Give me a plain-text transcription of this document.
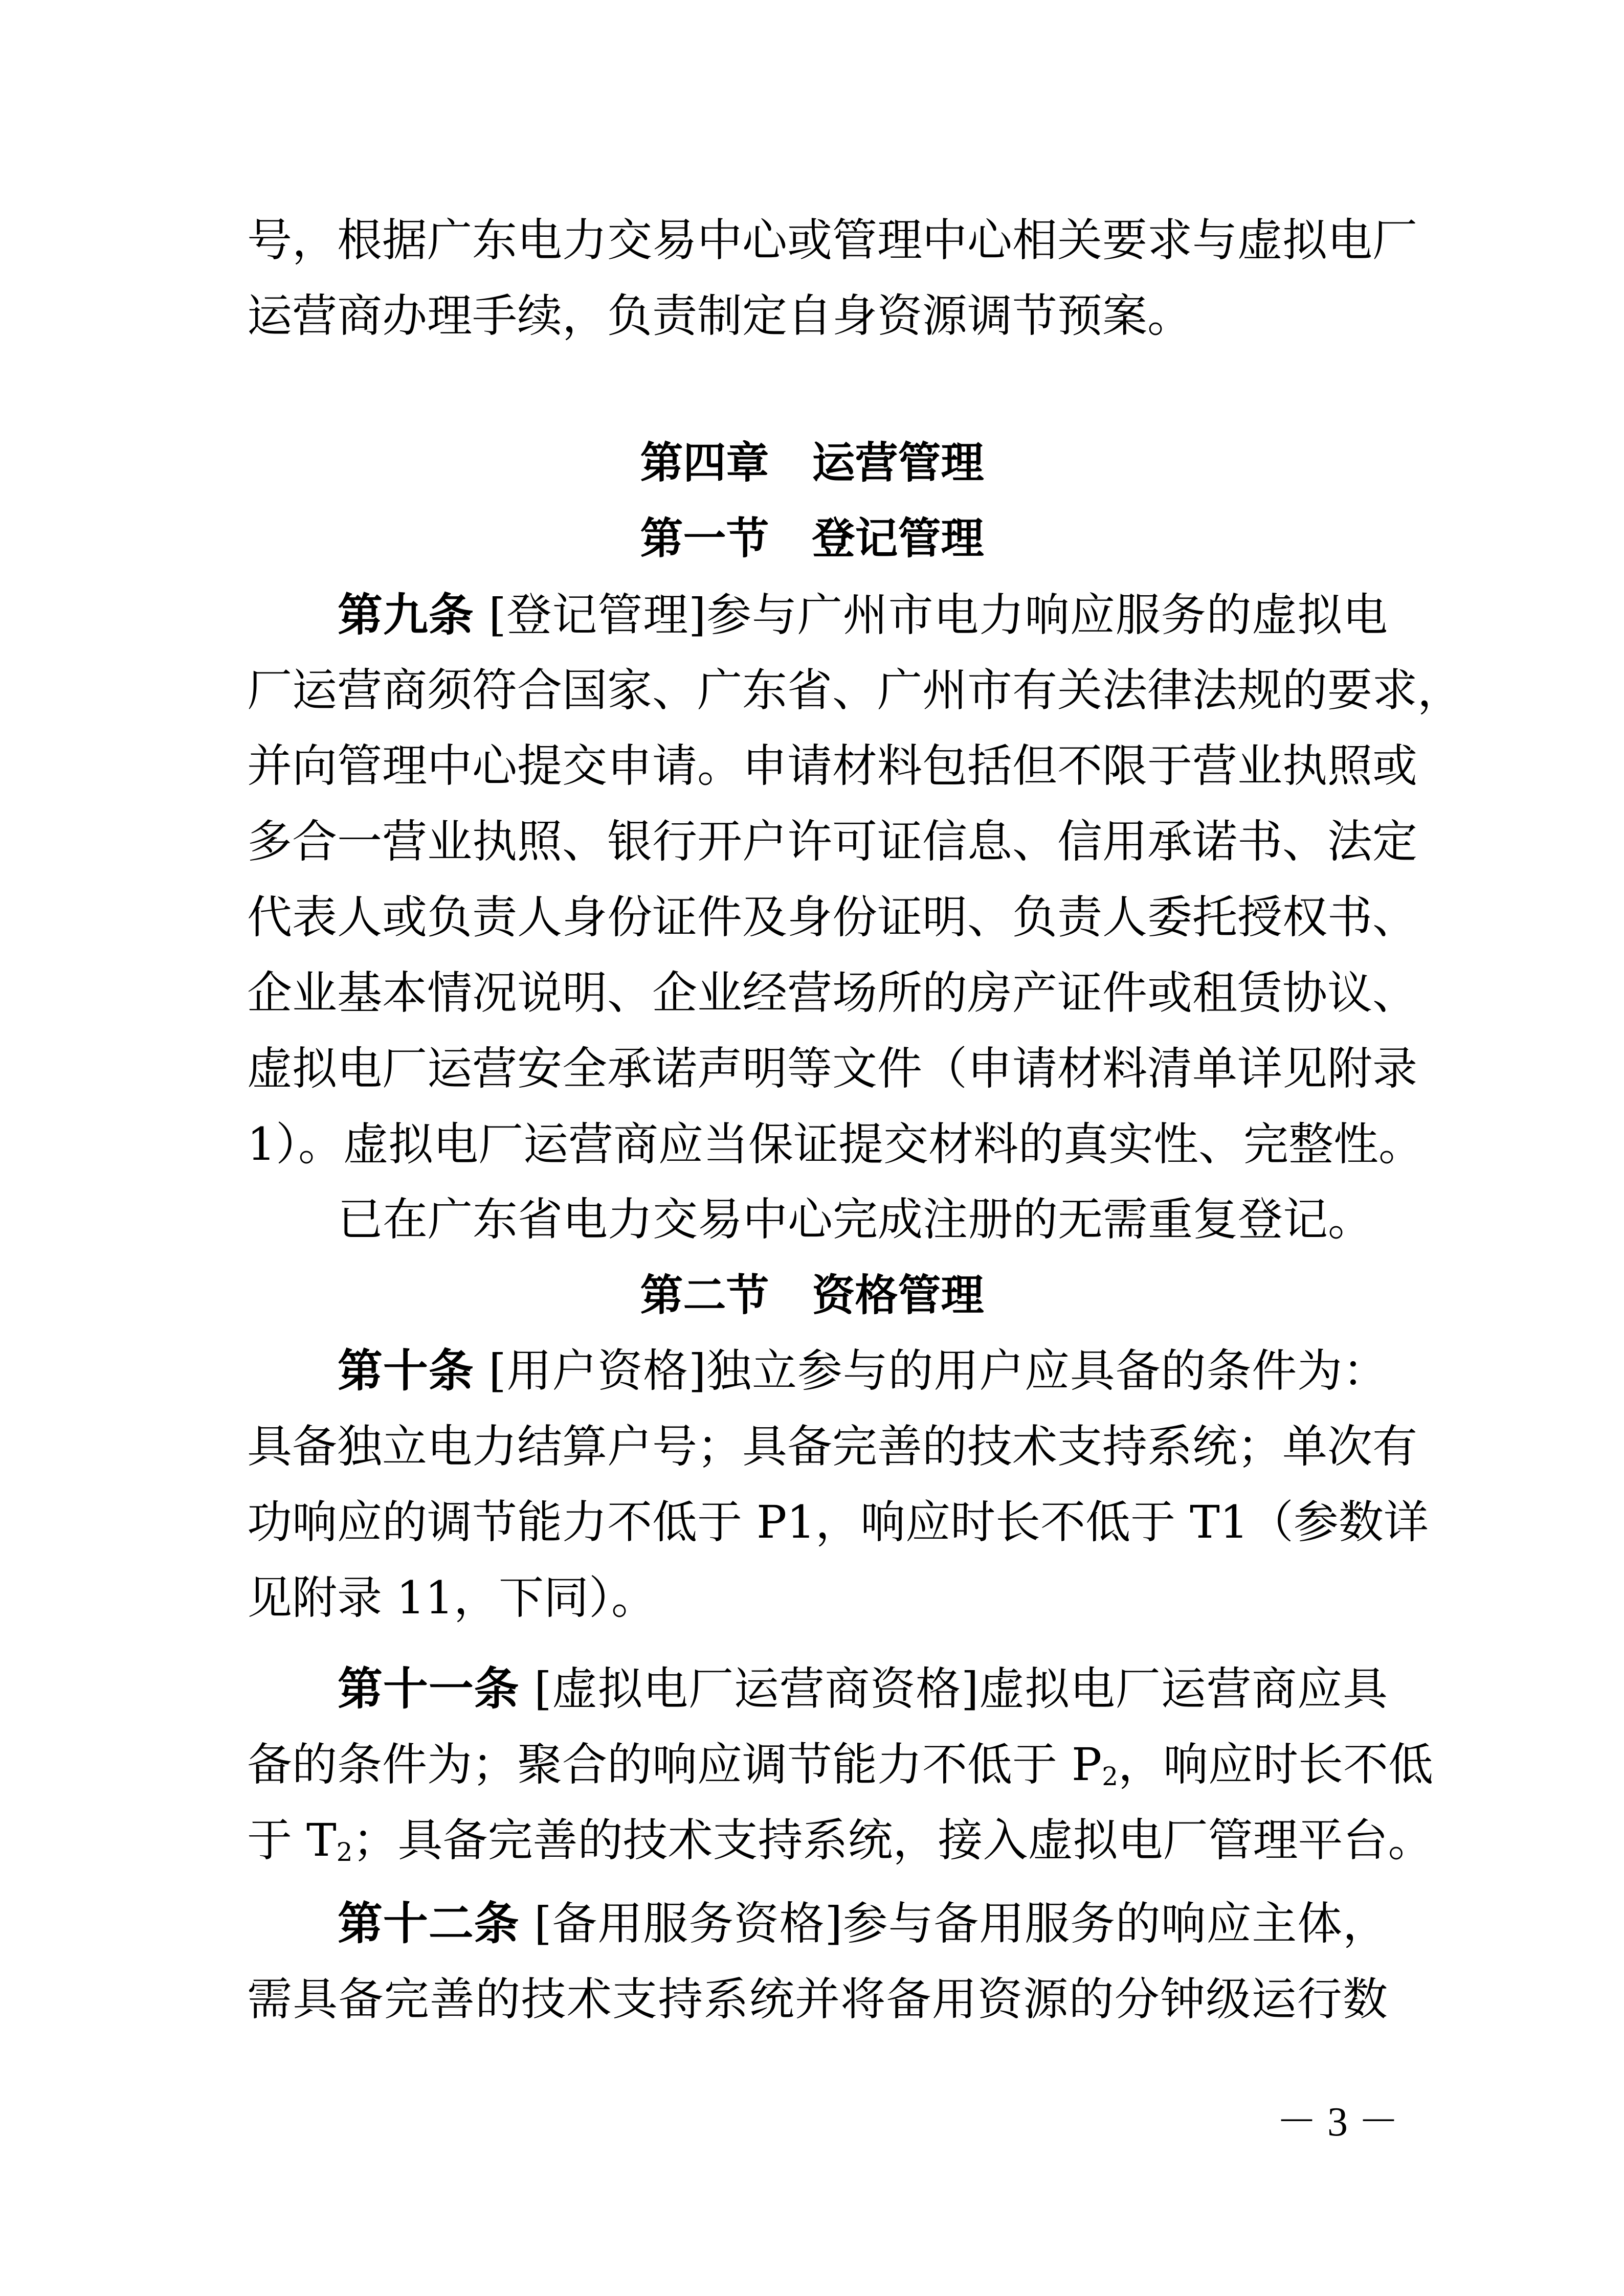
号，根据广东电力交易中心或管理中心相关要求与虚拟电厂
运营商办理手续，负责制定自身资源调节预案。
第四章　运营管理
第一节　登记管理
第九条 [登记管理]参与广州市电力响应服务的虚拟电
厂运营商须符合国家、广东省、广州市有关法律法规的要求，
并向管理中心提交申请。申请材料包括但不限于营业执照或
多合一营业执照、银行开户许可证信息、信用承诺书、法定
代表人或负责人身份证件及身份证明、负责人委托授权书、
企业基本情况说明、企业经营场所的房产证件或租赁协议、
虚拟电厂运营安全承诺声明等文件（申请材料清单详见附录
1）。虚拟电厂运营商应当保证提交材料的真实性、完整性。
已在广东省电力交易中心完成注册的无需重复登记。
第二节　资格管理
第十条 [用户资格]独立参与的用户应具备的条件为：
具备独立电力结算户号；具备完善的技术支持系统；单次有
功响应的调节能力不低于 P1，响应时长不低于 T1（参数详
见附录 11，下同）。
第十一条 [虚拟电厂运营商资格]虚拟电厂运营商应具
备的条件为；聚合的响应调节能力不低于 $P_2$，响应时长不低
于 $T_2$；具备完善的技术支持系统，接入虚拟电厂管理平台。
第十二条 [备用服务资格]参与备用服务的响应主体，
需具备完善的技术支持系统并将备用资源的分钟级运行数
－ 3 －
